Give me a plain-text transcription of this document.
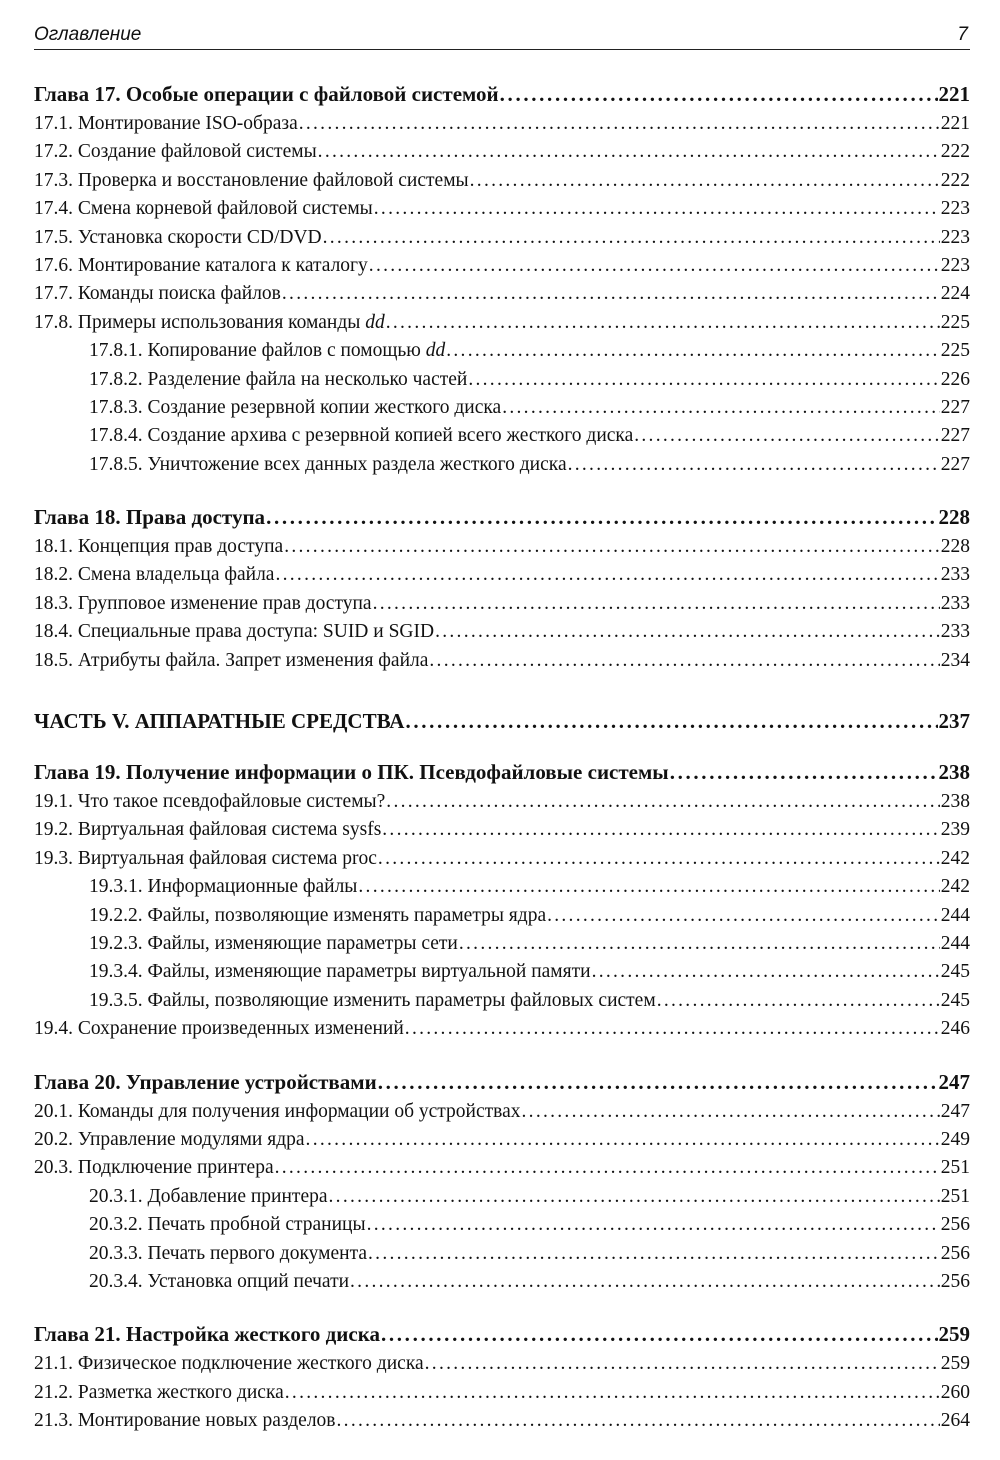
Оглавление	7
Глава 17. Особые операции с файловой системой . . .	221
17.1. Монтирование ISO-образа . . .	221
17.2. Создание файловой системы . . .	222
17.3. Проверка и восстановление файловой системы . . .	222
17.4. Смена корневой файловой системы . . .	223
17.5. Установка скорости CD/DVD . . .	223
17.6. Монтирование каталога к каталогу . . .	223
17.7. Команды поиска файлов . . .	224
17.8. Примеры использования команды dd . . .	225
17.8.1. Копирование файлов с помощью dd . . .	225
17.8.2. Разделение файла на несколько частей . . .	226
17.8.3. Создание резервной копии жесткого диска . . .	227
17.8.4. Создание архива с резервной копией всего жесткого диска . . .	227
17.8.5. Уничтожение всех данных раздела жесткого диска . . .	227
Глава 18. Права доступа . . .	228
18.1. Концепция прав доступа . . .	228
18.2. Смена владельца файла . . .	233
18.3. Групповое изменение прав доступа . . .	233
18.4. Специальные права доступа: SUID и SGID . . .	233
18.5. Атрибуты файла. Запрет изменения файла . . .	234
ЧАСТЬ V. АППАРАТНЫЕ СРЕДСТВА . . .	237
Глава 19. Получение информации о ПК. Псевдофайловые системы . . .	238
19.1. Что такое псевдофайловые системы? . . .	238
19.2. Виртуальная файловая система sysfs . . .	239
19.3. Виртуальная файловая система proc . . .	242
19.3.1. Информационные файлы . . .	242
19.2.2. Файлы, позволяющие изменять параметры ядра . . .	244
19.2.3. Файлы, изменяющие параметры сети . . .	244
19.3.4. Файлы, изменяющие параметры виртуальной памяти . . .	245
19.3.5. Файлы, позволяющие изменить параметры файловых систем . . .	245
19.4. Сохранение произведенных изменений . . .	246
Глава 20. Управление устройствами . . .	247
20.1. Команды для получения информации об устройствах . . .	247
20.2. Управление модулями ядра . . .	249
20.3. Подключение принтера . . .	251
20.3.1. Добавление принтера . . .	251
20.3.2. Печать пробной страницы . . .	256
20.3.3. Печать первого документа . . .	256
20.3.4. Установка опций печати . . .	256
Глава 21. Настройка жесткого диска . . .	259
21.1. Физическое подключение жесткого диска . . .	259
21.2. Разметка жесткого диска . . .	260
21.3. Монтирование новых разделов . . .	264
